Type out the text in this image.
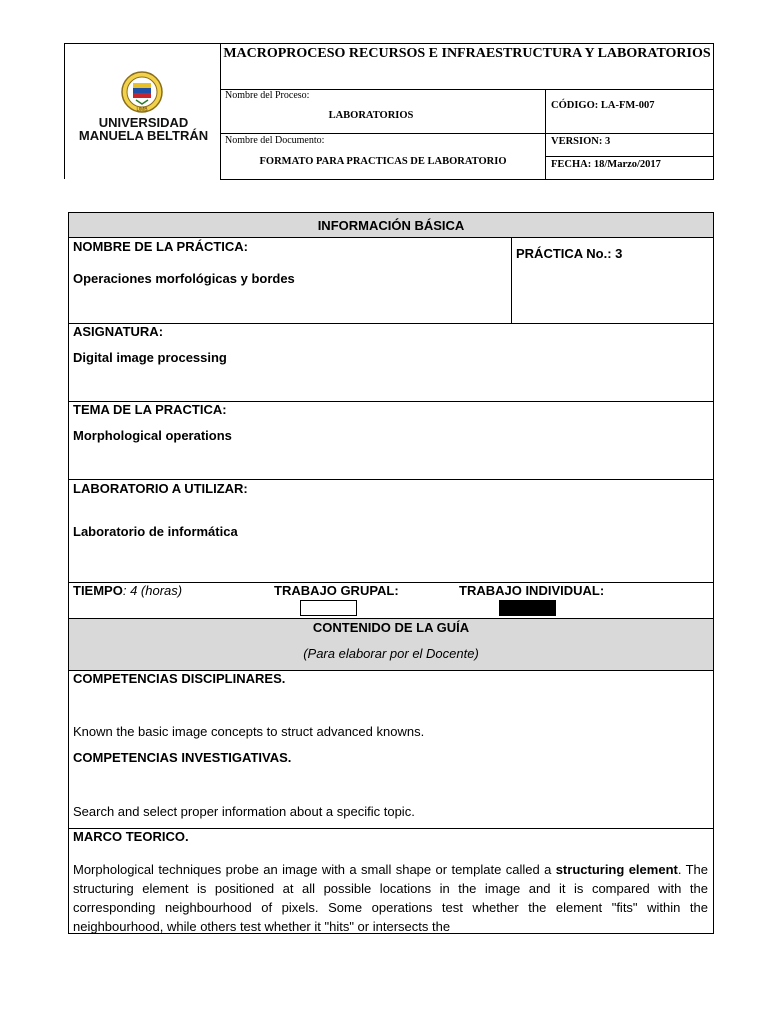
UMB
UNIVERSIDAD
MANUELA BELTRÁN
MACROPROCESO RECURSOS E INFRAESTRUCTURA Y LABORATORIOS
Nombre del Proceso:
LABORATORIOS
CÓDIGO: LA-FM-007
Nombre del Documento:
FORMATO PARA PRACTICAS DE LABORATORIO
VERSION: 3
FECHA: 18/Marzo/2017
INFORMACIÓN BÁSICA
NOMBRE DE LA PRÁCTICA:
Operaciones morfológicas y bordes
PRÁCTICA No.: 3
ASIGNATURA:
Digital image processing
TEMA DE LA PRACTICA:
Morphological operations
LABORATORIO A UTILIZAR:
Laboratorio de informática
TIEMPO: 4 (horas)	TRABAJO GRUPAL:	TRABAJO INDIVIDUAL:
CONTENIDO DE LA GUÍA
(Para elaborar por el Docente)
COMPETENCIAS DISCIPLINARES.
Known the basic image concepts to struct advanced knowns.
COMPETENCIAS INVESTIGATIVAS.
Search and select proper information about a specific topic.
MARCO TEORICO.
Morphological techniques probe an image with a small shape or template called a structuring element. The structuring element is positioned at all possible locations in the image and it is compared with the corresponding neighbourhood of pixels. Some operations test whether the element "fits" within the neighbourhood, while others test whether it "hits" or intersects the
